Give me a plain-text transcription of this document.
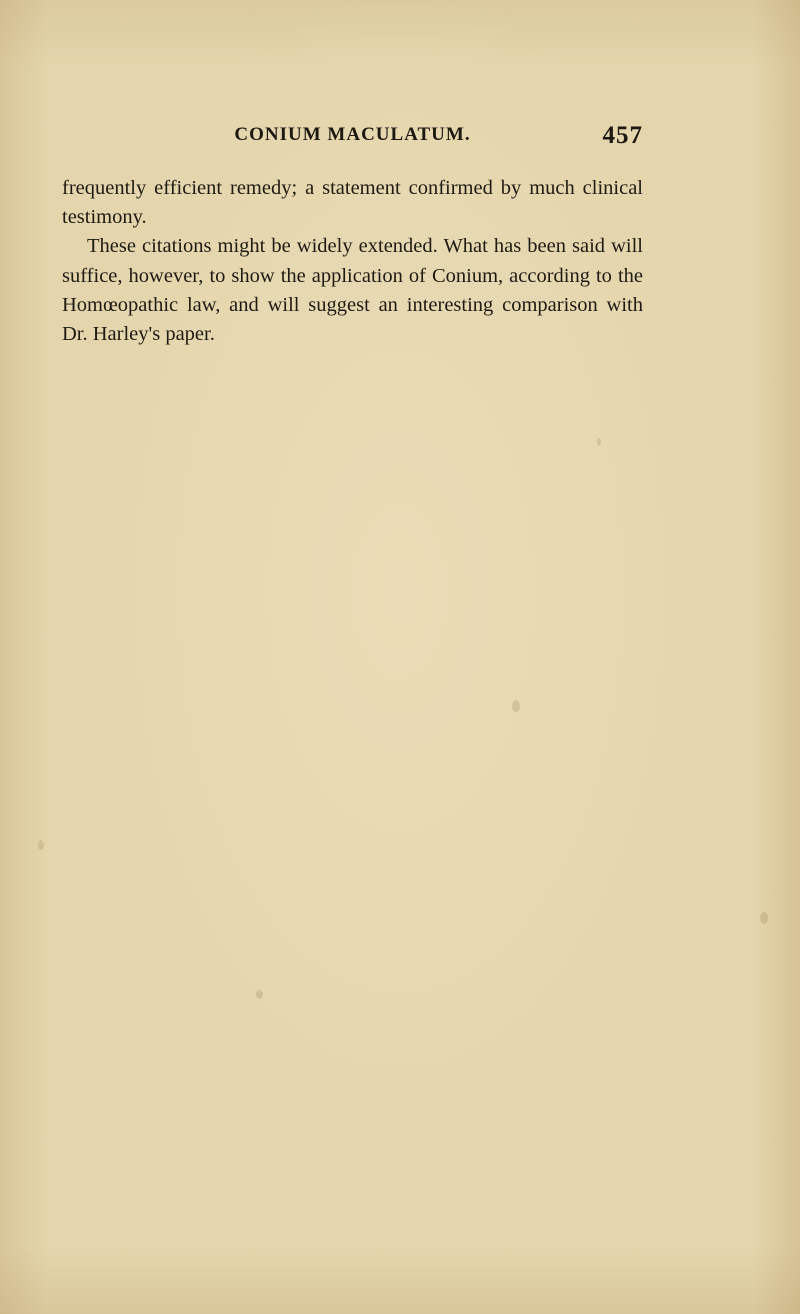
CONIUM MACULATUM.	457

frequently efficient remedy; a statement confirmed by much clinical testimony.

These citations might be widely extended. What has been said will suffice, however, to show the application of Conium, according to the Homœopathic law, and will suggest an interesting comparison with Dr. Harley's paper.
